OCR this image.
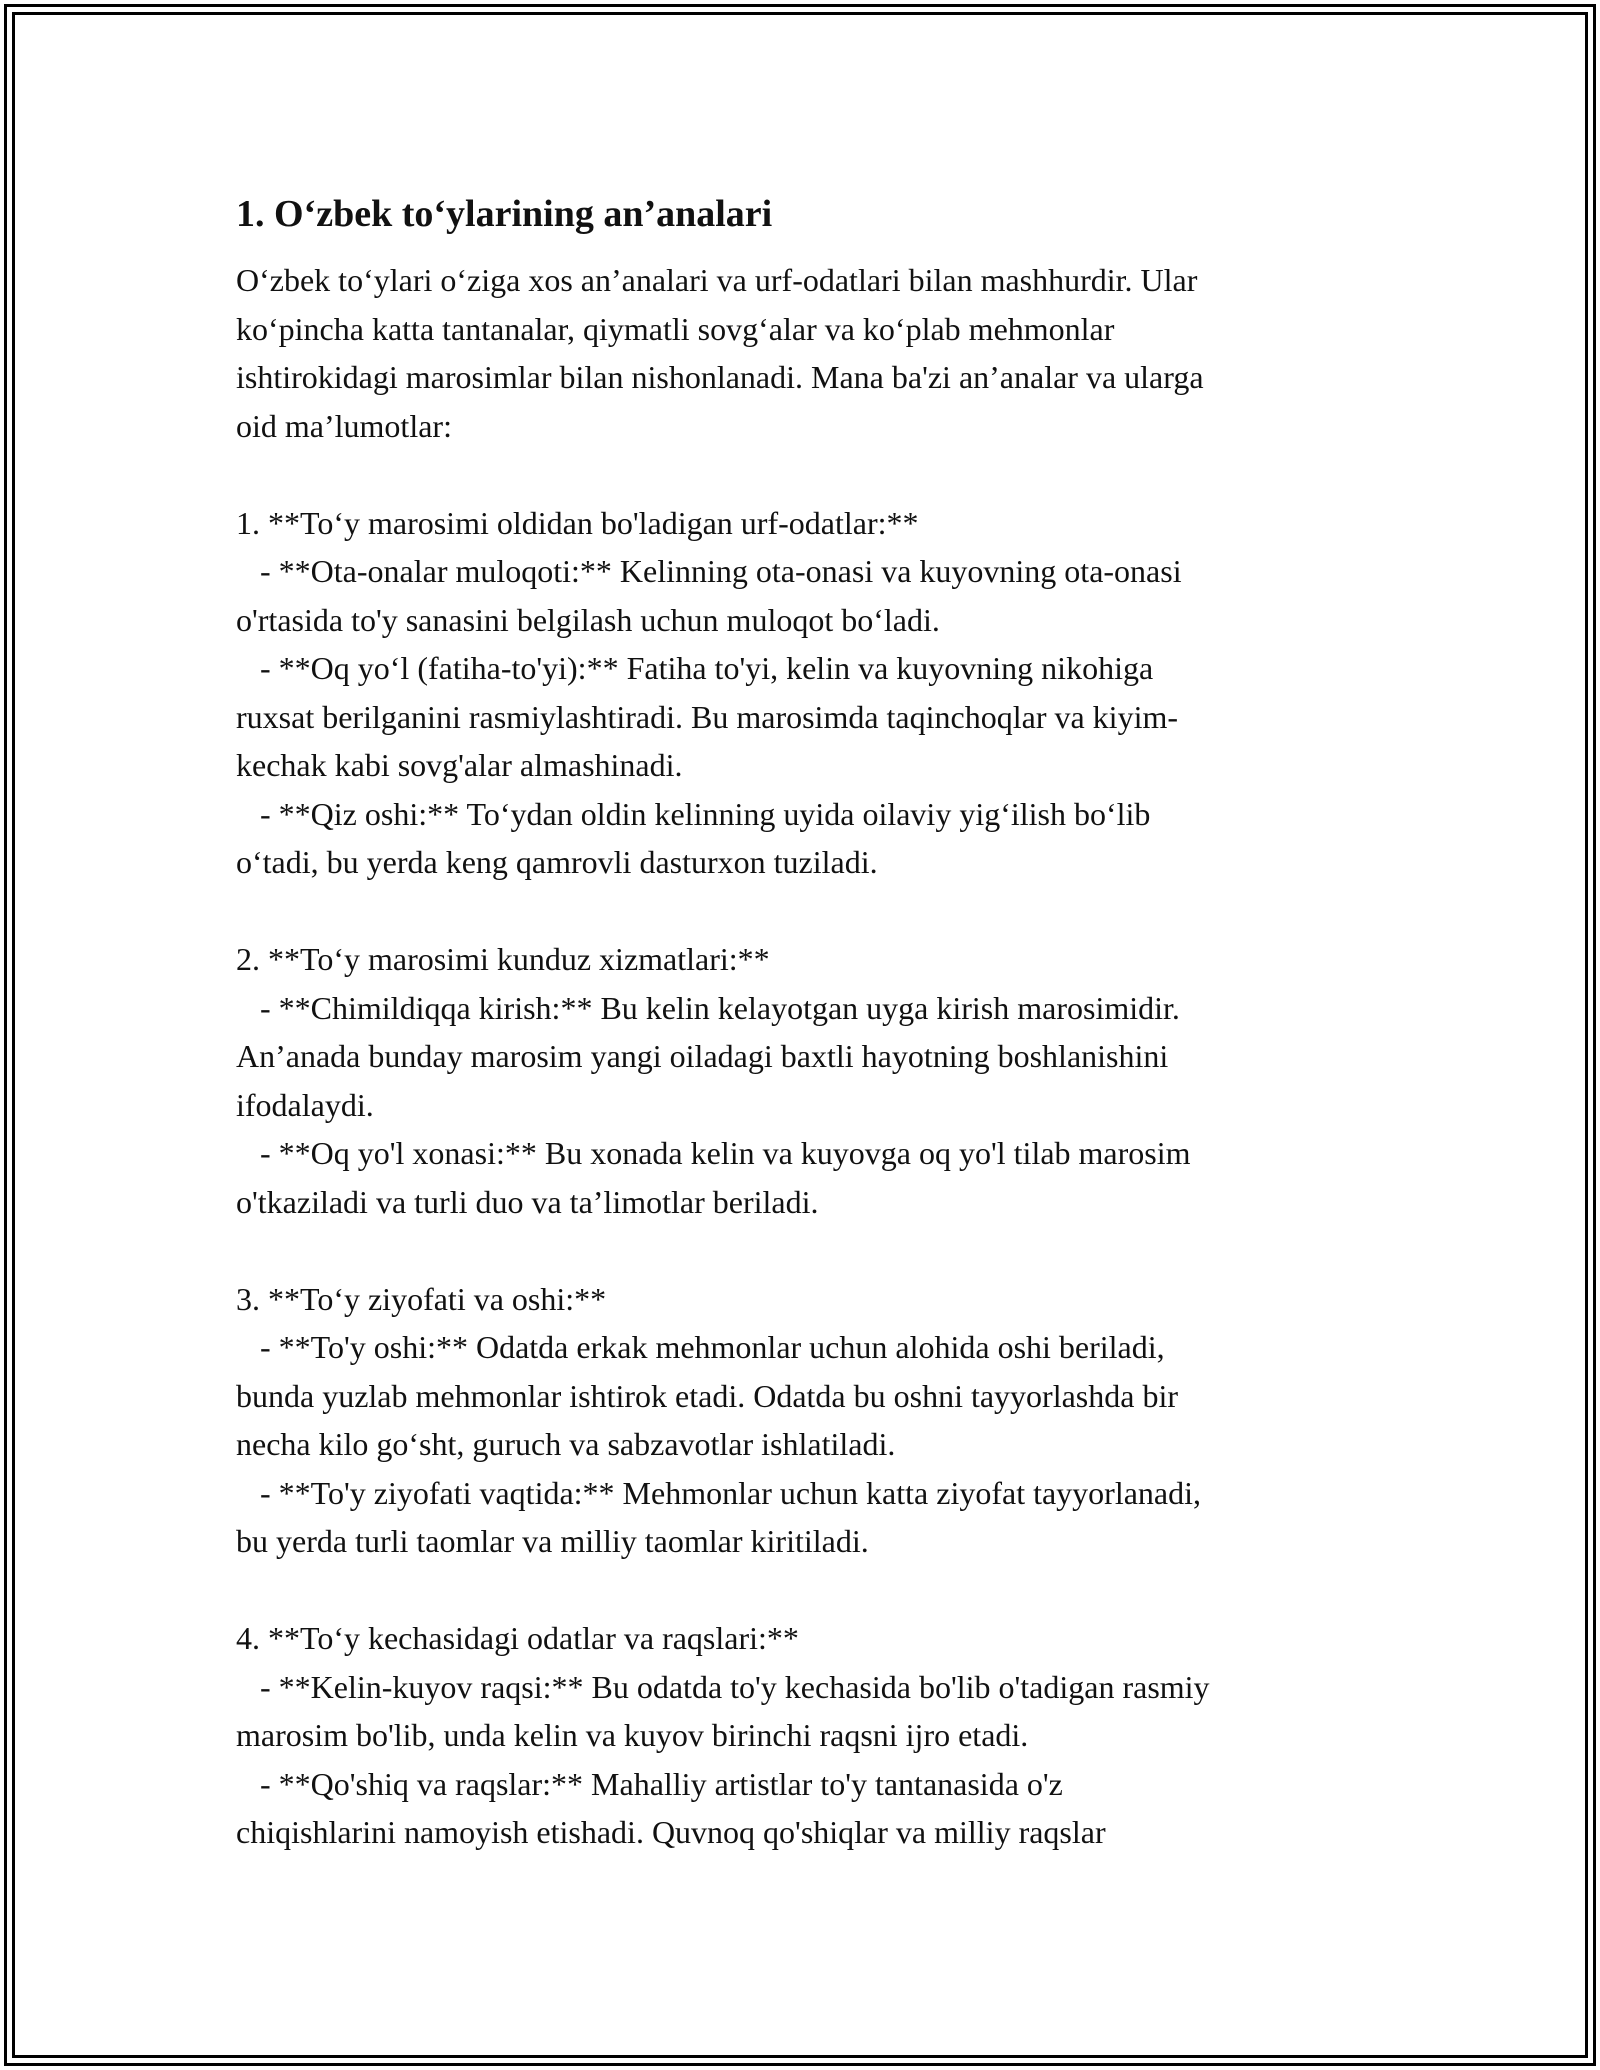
1. O‘zbek to‘ylarining an’analari
O‘zbek to‘ylari o‘ziga xos an’analari va urf-odatlari bilan mashhurdir. Ular
ko‘pincha katta tantanalar, qiymatli sovg‘alar va ko‘plab mehmonlar
ishtirokidagi marosimlar bilan nishonlanadi. Mana ba'zi an’analar va ularga
oid ma’lumotlar:
1. **To‘y marosimi oldidan bo'ladigan urf-odatlar:**
- **Ota-onalar muloqoti:** Kelinning ota-onasi va kuyovning ota-onasi
o'rtasida to'y sanasini belgilash uchun muloqot bo‘ladi.
- **Oq yo‘l (fatiha-to'yi):** Fatiha to'yi, kelin va kuyovning nikohiga
ruxsat berilganini rasmiylashtiradi. Bu marosimda taqinchoqlar va kiyim-
kechak kabi sovg'alar almashinadi.
- **Qiz oshi:** To‘ydan oldin kelinning uyida oilaviy yig‘ilish bo‘lib
o‘tadi, bu yerda keng qamrovli dasturxon tuziladi.
2. **To‘y marosimi kunduz xizmatlari:**
- **Chimildiqqa kirish:** Bu kelin kelayotgan uyga kirish marosimidir.
An’anada bunday marosim yangi oiladagi baxtli hayotning boshlanishini
ifodalaydi.
- **Oq yo'l xonasi:** Bu xonada kelin va kuyovga oq yo'l tilab marosim
o'tkaziladi va turli duo va ta’limotlar beriladi.
3. **To‘y ziyofati va oshi:**
- **To'y oshi:** Odatda erkak mehmonlar uchun alohida oshi beriladi,
bunda yuzlab mehmonlar ishtirok etadi. Odatda bu oshni tayyorlashda bir
necha kilo go‘sht, guruch va sabzavotlar ishlatiladi.
- **To'y ziyofati vaqtida:** Mehmonlar uchun katta ziyofat tayyorlanadi,
bu yerda turli taomlar va milliy taomlar kiritiladi.
4. **To‘y kechasidagi odatlar va raqslari:**
- **Kelin-kuyov raqsi:** Bu odatda to'y kechasida bo'lib o'tadigan rasmiy
marosim bo'lib, unda kelin va kuyov birinchi raqsni ijro etadi.
- **Qo'shiq va raqslar:** Mahalliy artistlar to'y tantanasida o'z
chiqishlarini namoyish etishadi. Quvnoq qo'shiqlar va milliy raqslar
